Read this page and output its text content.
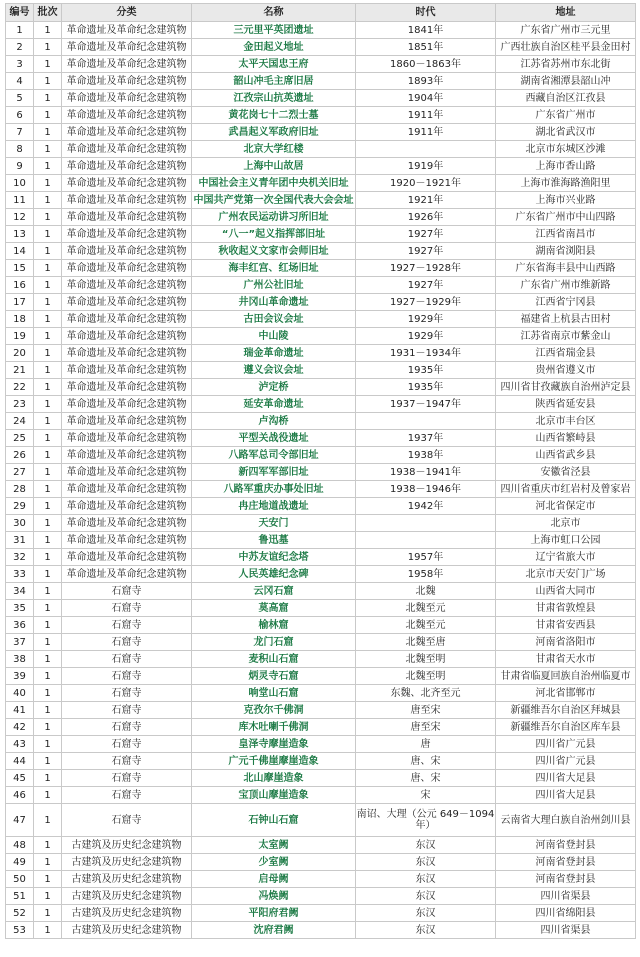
编号	批次	分类	名称	时代	地址
1	1	革命遗址及革命纪念建筑物	三元里平英团遗址	1841年	广东省广州市三元里
2	1	革命遗址及革命纪念建筑物	金田起义地址	1851年	广西壮族自治区桂平县金田村
3	1	革命遗址及革命纪念建筑物	太平天国忠王府	1860－1863年	江苏省苏州市东北街
4	1	革命遗址及革命纪念建筑物	韶山冲毛主席旧居	1893年	湖南省湘潭县韶山冲
5	1	革命遗址及革命纪念建筑物	江孜宗山抗英遗址	1904年	西藏自治区江孜县
6	1	革命遗址及革命纪念建筑物	黄花岗七十二烈士墓	1911年	广东省广州市
7	1	革命遗址及革命纪念建筑物	武昌起义军政府旧址	1911年	湖北省武汉市
8	1	革命遗址及革命纪念建筑物	北京大学红楼		北京市东城区沙滩
9	1	革命遗址及革命纪念建筑物	上海中山故居	1919年	上海市香山路
10	1	革命遗址及革命纪念建筑物	中国社会主义青年团中央机关旧址	1920－1921年	上海市淮海路渔阳里
11	1	革命遗址及革命纪念建筑物	中国共产党第一次全国代表大会会址	1921年	上海市兴业路
12	1	革命遗址及革命纪念建筑物	广州农民运动讲习所旧址	1926年	广东省广州市中山四路
13	1	革命遗址及革命纪念建筑物	“八一”起义指挥部旧址	1927年	江西省南昌市
14	1	革命遗址及革命纪念建筑物	秋收起义文家市会师旧址	1927年	湖南省浏阳县
15	1	革命遗址及革命纪念建筑物	海丰红宫、红场旧址	1927－1928年	广东省海丰县中山西路
16	1	革命遗址及革命纪念建筑物	广州公社旧址	1927年	广东省广州市维新路
17	1	革命遗址及革命纪念建筑物	井冈山革命遗址	1927－1929年	江西省宁冈县
18	1	革命遗址及革命纪念建筑物	古田会议会址	1929年	福建省上杭县古田村
19	1	革命遗址及革命纪念建筑物	中山陵	1929年	江苏省南京市紫金山
20	1	革命遗址及革命纪念建筑物	瑞金革命遗址	1931－1934年	江西省瑞金县
21	1	革命遗址及革命纪念建筑物	遵义会议会址	1935年	贵州省遵义市
22	1	革命遗址及革命纪念建筑物	泸定桥	1935年	四川省甘孜藏族自治州泸定县
23	1	革命遗址及革命纪念建筑物	延安革命遗址	1937－1947年	陕西省延安县
24	1	革命遗址及革命纪念建筑物	卢沟桥		北京市丰台区
25	1	革命遗址及革命纪念建筑物	平型关战役遗址	1937年	山西省繁峙县
26	1	革命遗址及革命纪念建筑物	八路军总司令部旧址	1938年	山西省武乡县
27	1	革命遗址及革命纪念建筑物	新四军军部旧址	1938－1941年	安徽省泾县
28	1	革命遗址及革命纪念建筑物	八路军重庆办事处旧址	1938－1946年	四川省重庆市红岩村及曾家岩
29	1	革命遗址及革命纪念建筑物	冉庄地道战遗址	1942年	河北省保定市
30	1	革命遗址及革命纪念建筑物	天安门		北京市
31	1	革命遗址及革命纪念建筑物	鲁迅墓		上海市虹口公园
32	1	革命遗址及革命纪念建筑物	中苏友谊纪念塔	1957年	辽宁省旅大市
33	1	革命遗址及革命纪念建筑物	人民英雄纪念碑	1958年	北京市天安门广场
34	1	石窟寺	云冈石窟	北魏	山西省大同市
35	1	石窟寺	莫高窟	北魏至元	甘肃省敦煌县
36	1	石窟寺	榆林窟	北魏至元	甘肃省安西县
37	1	石窟寺	龙门石窟	北魏至唐	河南省洛阳市
38	1	石窟寺	麦积山石窟	北魏至明	甘肃省天水市
39	1	石窟寺	炳灵寺石窟	北魏至明	甘肃省临夏回族自治州临夏市
40	1	石窟寺	响堂山石窟	东魏、北齐至元	河北省邯郸市
41	1	石窟寺	克孜尔千佛洞	唐至宋	新疆维吾尔自治区拜城县
42	1	石窟寺	库木吐喇千佛洞	唐至宋	新疆维吾尔自治区库车县
43	1	石窟寺	皇泽寺摩崖造象	唐	四川省广元县
44	1	石窟寺	广元千佛崖摩崖造象	唐、宋	四川省广元县
45	1	石窟寺	北山摩崖造象	唐、宋	四川省大足县
46	1	石窟寺	宝顶山摩崖造象	宋	四川省大足县
47	1	石窟寺	石钟山石窟	南诏、大理（公元 649－1094年）	云南省大理白族自治州剑川县
48	1	古建筑及历史纪念建筑物	太室阙	东汉	河南省登封县
49	1	古建筑及历史纪念建筑物	少室阙	东汉	河南省登封县
50	1	古建筑及历史纪念建筑物	启母阙	东汉	河南省登封县
51	1	古建筑及历史纪念建筑物	冯焕阙	东汉	四川省渠县
52	1	古建筑及历史纪念建筑物	平阳府君阙	东汉	四川省绵阳县
53	1	古建筑及历史纪念建筑物	沈府君阙	东汉	四川省渠县
